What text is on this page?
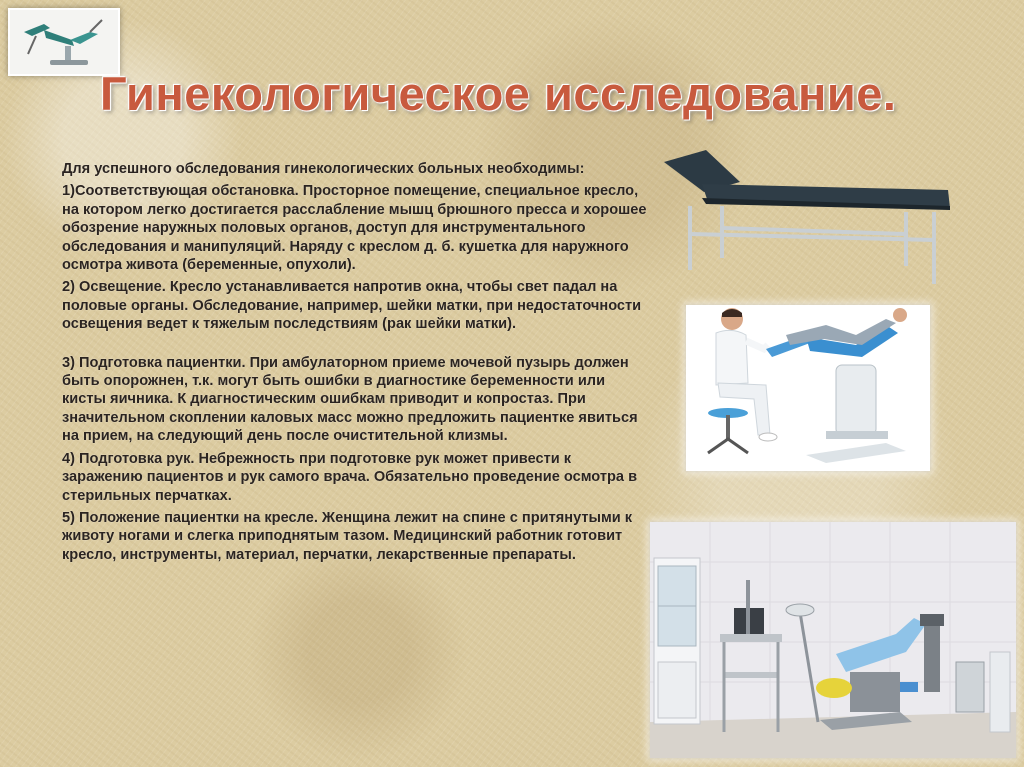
Гинекологическое исследование.

Для успешного обследования гинекологических больных необходимы:

1)Соответствующая обстановка. Просторное помещение, специальное кресло, на котором легко достигается расслабление мышц брюшного пресса и хорошее обозрение наружных половых органов, доступ для инструментального обследования и манипуляций. Наряду с креслом д. б. кушетка для наружного осмотра живота (беременные, опухоли).

2) Освещение. Кресло устанавливается напротив окна, чтобы свет падал на половые органы. Обследование, например, шейки матки, при недостаточности освещения ведет к тяжелым последствиям (рак шейки матки).

3) Подготовка пациентки. При амбулаторном приеме мочевой пузырь должен быть опорожнен, т.к. могут быть ошибки в диагностике беременности или кисты яичника. К диагностическим ошибкам приводит и копростаз. При значительном скоплении каловых масс можно предложить пациентке явиться на прием, на следующий день после очистительной клизмы.

4) Подготовка рук. Небрежность при подготовке рук может привести к заражению пациентов и рук самого врача. Обязательно проведение осмотра в стерильных перчатках.

5) Положение пациентки на кресле. Женщина лежит на спине с притянутыми к животу ногами и слегка приподнятым тазом. Медицинский работник готовит кресло, инструменты, материал, перчатки, лекарственные препараты.
